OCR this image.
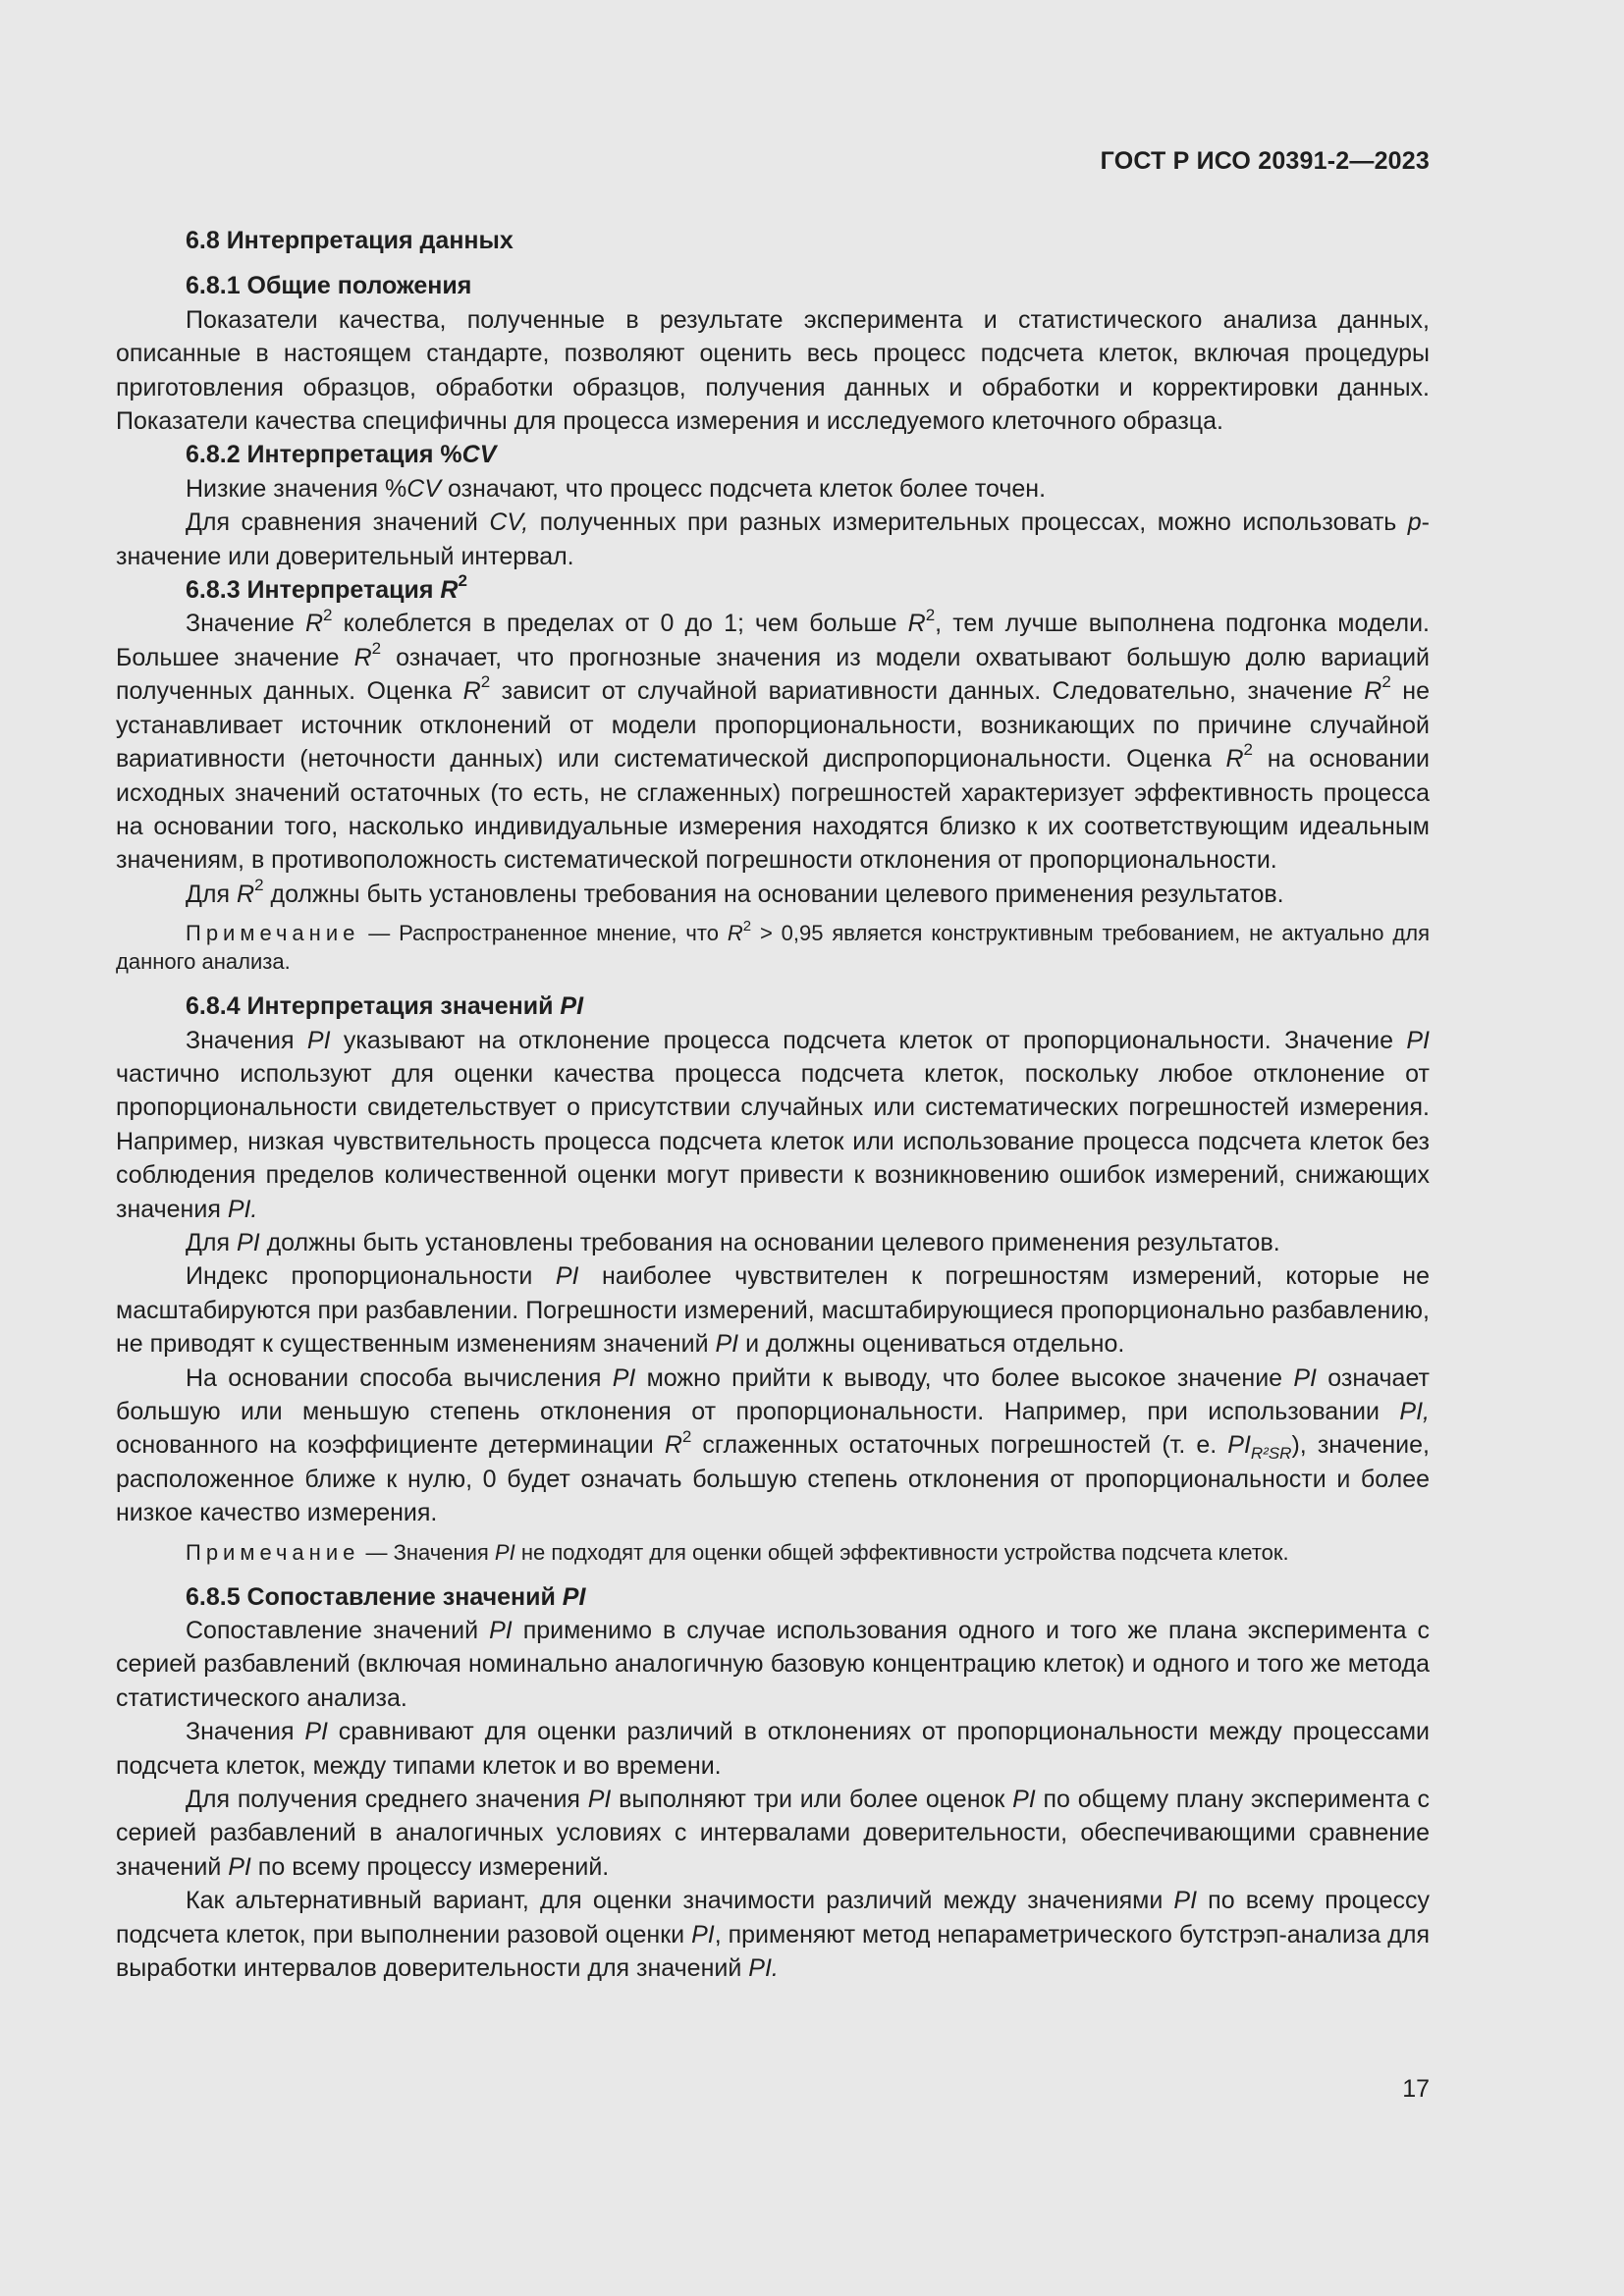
ГОСТ Р ИСО 20391-2—2023
6.8 Интерпретация данных
6.8.1 Общие положения
Показатели качества, полученные в результате эксперимента и статистического анализа данных, описанные в настоящем стандарте, позволяют оценить весь процесс подсчета клеток, включая процедуры приготовления образцов, обработки образцов, получения данных и обработки и корректировки данных. Показатели качества специфичны для процесса измерения и исследуемого клеточного образца.
6.8.2 Интерпретация %CV
Низкие значения %CV означают, что процесс подсчета клеток более точен.
Для сравнения значений CV, полученных при разных измерительных процессах, можно использовать p-значение или доверительный интервал.
6.8.3 Интерпретация $R^2$
Значение $R^2$ колеблется в пределах от 0 до 1; чем больше $R^2$, тем лучше выполнена подгонка модели. Большее значение $R^2$ означает, что прогнозные значения из модели охватывают большую долю вариаций полученных данных. Оценка $R^2$ зависит от случайной вариативности данных. Следовательно, значение $R^2$ не устанавливает источник отклонений от модели пропорциональности, возникающих по причине случайной вариативности (неточности данных) или систематической диспропорциональности. Оценка $R^2$ на основании исходных значений остаточных (то есть, не сглаженных) погрешностей характеризует эффективность процесса на основании того, насколько индивидуальные измерения находятся близко к их соответствующим идеальным значениям, в противоположность систематической погрешности отклонения от пропорциональности.
Для $R^2$ должны быть установлены требования на основании целевого применения результатов.
Примечание — Распространенное мнение, что $R^2 > 0,95$ является конструктивным требованием, не актуально для данного анализа.
6.8.4 Интерпретация значений PI
Значения PI указывают на отклонение процесса подсчета клеток от пропорциональности. Значение PI частично используют для оценки качества процесса подсчета клеток, поскольку любое отклонение от пропорциональности свидетельствует о присутствии случайных или систематических погрешностей измерения. Например, низкая чувствительность процесса подсчета клеток или использование процесса подсчета клеток без соблюдения пределов количественной оценки могут привести к возникновению ошибок измерений, снижающих значения PI.
Для PI должны быть установлены требования на основании целевого применения результатов.
Индекс пропорциональности PI наиболее чувствителен к погрешностям измерений, которые не масштабируются при разбавлении. Погрешности измерений, масштабирующиеся пропорционально разбавлению, не приводят к существенным изменениям значений PI и должны оцениваться отдельно.
На основании способа вычисления PI можно прийти к выводу, что более высокое значение PI означает большую или меньшую степень отклонения от пропорциональности. Например, при использовании PI, основанного на коэффициенте детерминации $R^2$ сглаженных остаточных погрешностей (т. е. $PI_{R^2SR}$), значение, расположенное ближе к нулю, 0 будет означать большую степень отклонения от пропорциональности и более низкое качество измерения.
Примечание — Значения PI не подходят для оценки общей эффективности устройства подсчета клеток.
6.8.5 Сопоставление значений PI
Сопоставление значений PI применимо в случае использования одного и того же плана эксперимента с серией разбавлений (включая номинально аналогичную базовую концентрацию клеток) и одного и того же метода статистического анализа.
Значения PI сравнивают для оценки различий в отклонениях от пропорциональности между процессами подсчета клеток, между типами клеток и во времени.
Для получения среднего значения PI выполняют три или более оценок PI по общему плану эксперимента с серией разбавлений в аналогичных условиях с интервалами доверительности, обеспечивающими сравнение значений PI по всему процессу измерений.
Как альтернативный вариант, для оценки значимости различий между значениями PI по всему процессу подсчета клеток, при выполнении разовой оценки PI, применяют метод непараметрического бутстрэп-анализа для выработки интервалов доверительности для значений PI.
17
